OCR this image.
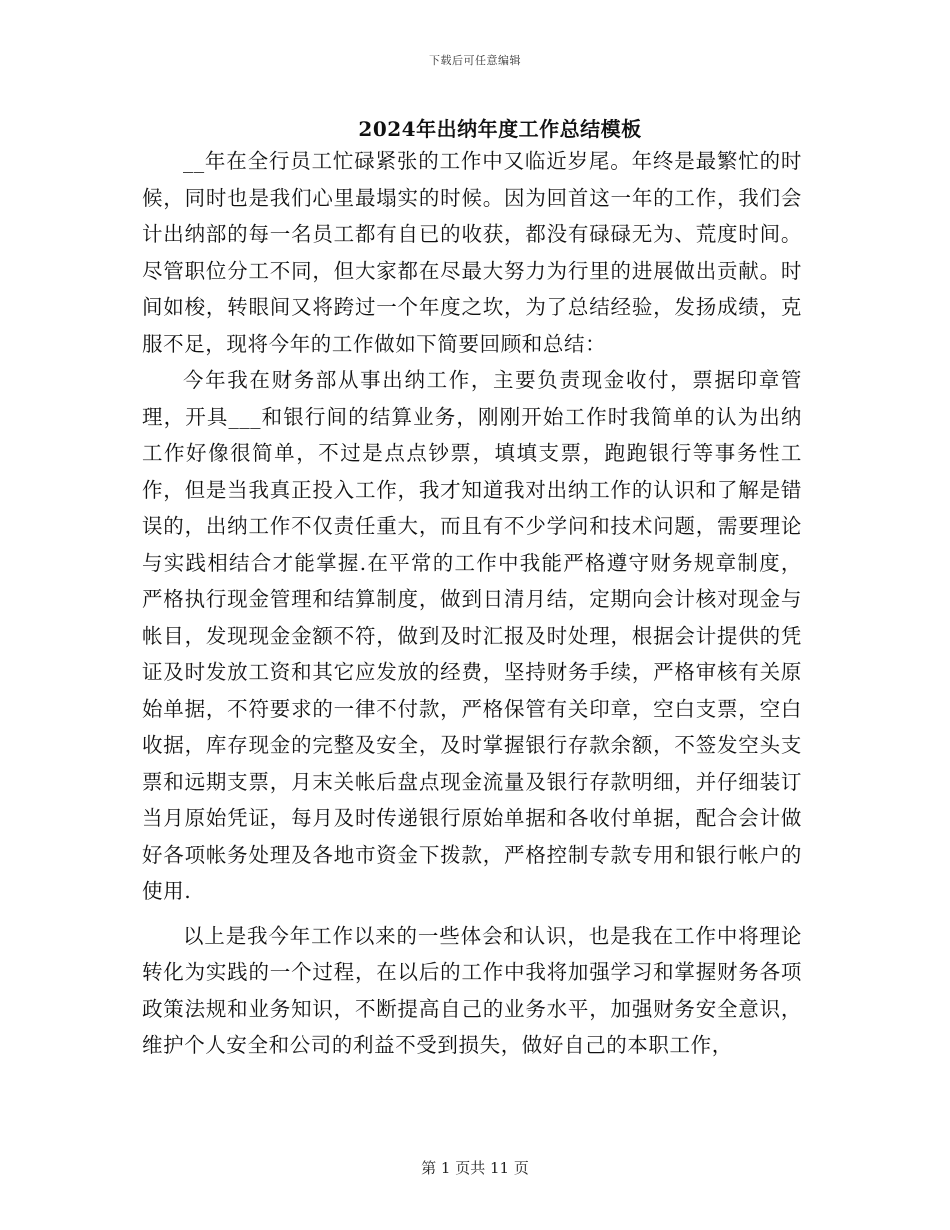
下载后可任意编辑
2024年出纳年度工作总结模板

__年在全行员工忙碌紧张的工作中又临近岁尾。年终是最繁忙的时候，同时也是我们心里最塌实的时候。因为回首这一年的工作，我们会计出纳部的每一名员工都有自已的收获，都没有碌碌无为、荒度时间。尽管职位分工不同，但大家都在尽最大努力为行里的进展做出贡献。时间如梭，转眼间又将跨过一个年度之坎，为了总结经验，发扬成绩，克服不足，现将今年的工作做如下简要回顾和总结：

今年我在财务部从事出纳工作，主要负责现金收付，票据印章管理，开具___和银行间的结算业务，刚刚开始工作时我简单的认为出纳工作好像很简单，不过是点点钞票，填填支票，跑跑银行等事务性工作，但是当我真正投入工作，我才知道我对出纳工作的认识和了解是错误的，出纳工作不仅责任重大，而且有不少学问和技术问题，需要理论与实践相结合才能掌握.在平常的工作中我能严格遵守财务规章制度，严格执行现金管理和结算制度，做到日清月结，定期向会计核对现金与帐目，发现现金金额不符，做到及时汇报及时处理，根据会计提供的凭证及时发放工资和其它应发放的经费，坚持财务手续，严格审核有关原始单据，不符要求的一律不付款，严格保管有关印章，空白支票，空白收据，库存现金的完整及安全，及时掌握银行存款余额，不签发空头支票和远期支票，月末关帐后盘点现金流量及银行存款明细，并仔细装订当月原始凭证，每月及时传递银行原始单据和各收付单据，配合会计做好各项帐务处理及各地市资金下拨款，严格控制专款专用和银行帐户的使用.

以上是我今年工作以来的一些体会和认识，也是我在工作中将理论转化为实践的一个过程，在以后的工作中我将加强学习和掌握财务各项政策法规和业务知识，不断提高自己的业务水平，加强财务安全意识，维护个人安全和公司的利益不受到损失，做好自己的本职工作，

第 1 页共 11 页
